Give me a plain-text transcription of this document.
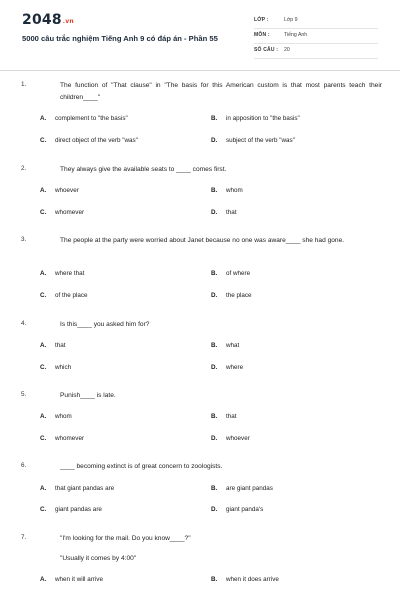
2048.vn
5000 câu trắc nghiệm Tiếng Anh 9 có đáp án - Phần 55
LỚP :	Lớp 9
MÔN :	Tiếng Anh
SỐ CÂU : 20
1.	The function of "That clause" in "The basis for this American custom is that most parents teach their children____"
A. complement to "the basis"	B. in apposition to "the basis"
C. direct object of the verb "was"	D. subject of the verb "was"
2.	They always give the available seats to ____ comes first.
A. whoever	B. whom
C. whomever	D. that
3.	The people at the party were worried about Janet because no one was aware____ she had gone.
A. where that	B. of where
C. of the place	D. the place
4.	Is this____ you asked him for?
A. that	B. what
C. which	D. where
5.	Punish____ is late.
A. whom	B. that
C. whomever	D. whoever
6.	____ becoming extinct is of great concern to zoologists.
A. that giant pandas are	B. are giant pandas
C. giant pandas are	D. giant panda's
7.	"I'm looking for the mail. Do you know____?"
"Usually it comes by 4:00"
A. when it will arrive	B. when it does arrive
